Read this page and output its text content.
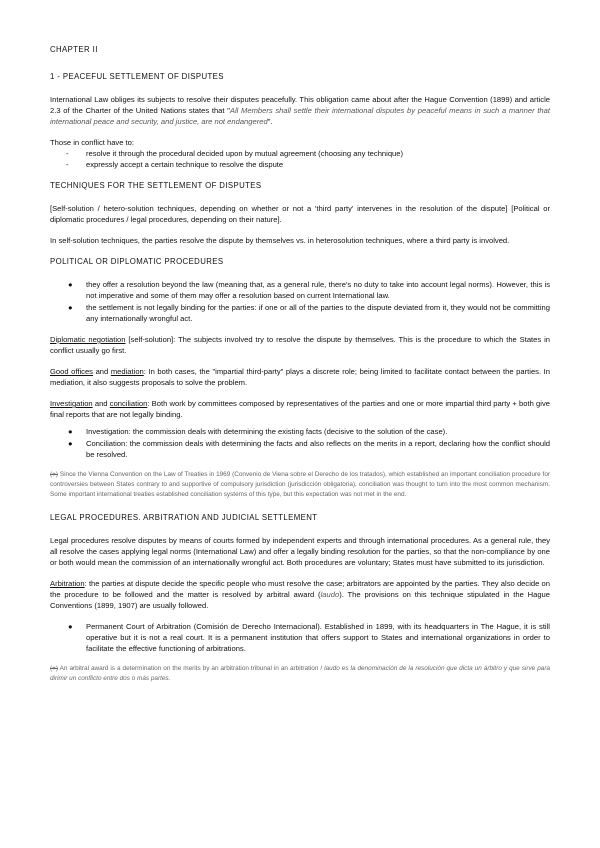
CHAPTER II
1 - PEACEFUL SETTLEMENT OF DISPUTES

International Law obliges its subjects to resolve their disputes peacefully. This obligation came about after the Hague Convention (1899) and article 2.3 of the Charter of the United Nations states that "All Members shall settle their international disputes by peaceful means in such a manner that international peace and security, and justice, are not endangered".

Those in conflict have to:
- resolve it through the procedural decided upon by mutual agreement (choosing any technique)
- expressly accept a certain technique to resolve the dispute
TECHNIQUES FOR THE SETTLEMENT OF DISPUTES

[Self-solution / hetero-solution techniques, depending on whether or not a 'third party' intervenes in the resolution of the dispute] [Political or diplomatic procedures / legal procedures, depending on their nature].

In self-solution techniques, the parties resolve the dispute by themselves vs. in heterosolution techniques, where a third party is involved.

POLITICAL OR DIPLOMATIC PROCEDURES
● they offer a resolution beyond the law (meaning that, as a general rule, there's no duty to take into account legal norms). However, this is not imperative and some of them may offer a resolution based on current International law.
● the settlement is not legally binding for the parties: if one or all of the parties to the dispute deviated from it, they would not be committing any internationally wrongful act.

Diplomatic negotiation [self-solution]: The subjects involved try to resolve the dispute by themselves. This is the procedure to which the States in conflict usually go first.

Good offices and mediation: In both cases, the "impartial third-party" plays a discrete role; being limited to facilitate contact between the parties. In mediation, it also suggests proposals to solve the problem.

Investigation and conciliation: Both work by committees composed by representatives of the parties and one or more impartial third party + both give final reports that are not legally binding.

● Investigation: the commission deals with determining the existing facts (decisive to the solution of the case).
● Conciliation: the commission deals with determining the facts and also reflects on the merits in a report, declaring how the conflict should be resolved.
(+) Since the Vienna Convention on the Law of Treaties in 1969 (Convenio de Viena sobre el Derecho de los tratados), which established an important conciliation procedure for controversies between States contrary to and supportive of compulsory jurisdiction (jurisdicción obligatoria), conciliation was thought to turn into the most common mechanism. Some important international treaties established conciliation systems of this type, but this expectation was not met in the end.
LEGAL PROCEDURES. ARBITRATION AND JUDICIAL SETTLEMENT

Legal procedures resolve disputes by means of courts formed by independent experts and through international procedures. As a general rule, they all resolve the cases applying legal norms (International Law) and offer a legally binding resolution for the parties, so that the non-compliance by one or both would mean the commission of an internationally wrongful act. Both procedures are voluntary; States must have submitted to its jurisdiction.

Arbitration: the parties at dispute decide the specific people who must resolve the case; arbitrators are appointed by the parties. They also decide on the procedure to be followed and the matter is resolved by arbitral award (laudo). The provisions on this technique stipulated in the Hague Conventions (1899, 1907) are usually followed.

● Permanent Court of Arbitration (Comisión de Derecho Internacional). Established in 1899, with its headquarters in The Hague, it is still operative but it is not a real court. It is a permanent institution that offers support to States and international organizations in order to facilitate the effective functioning of arbitrations.
(+) An arbitral award is a determination on the merits by an arbitration tribunal in an arbitration / laudo es la denominación de la resolución que dicta un árbitro y que sirve para dirimir un conflicto entre dos o más partes.
